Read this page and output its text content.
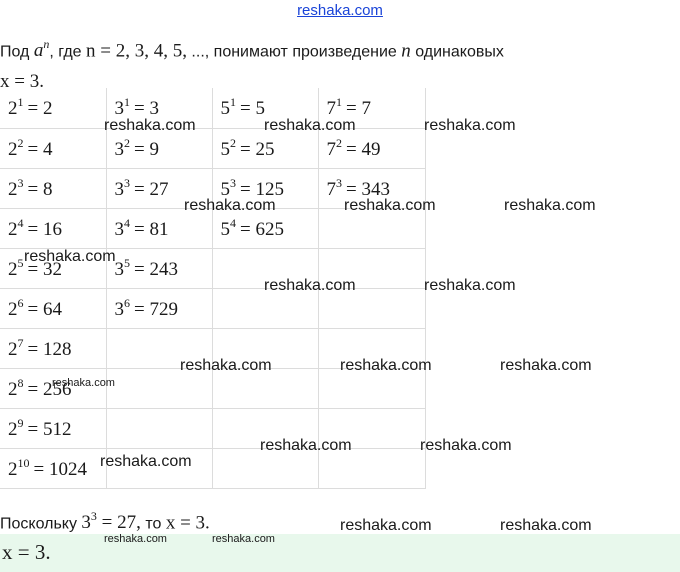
reshaka.com
Под $a^n$, где n = 2, 3, 4, 5, ..., понимают произведение n одинаковых
x = 3.
$2^1 = 2$	$3^1 = 3$	$5^1 = 5$	$7^1 = 7$
$2^2 = 4$	$3^2 = 9$	$5^2 = 25$	$7^2 = 49$
$2^3 = 8$	$3^3 = 27$	$5^3 = 125$	$7^3 = 343$
$2^4 = 16$	$3^4 = 81$	$5^4 = 625$	
$2^5 = 32$	$3^5 = 243$		
$2^6 = 64$	$3^6 = 729$		
$2^7 = 128$			
$2^8 = 256$			
$2^9 = 512$			
$2^{10} = 1024$			
Поскольку $3^3 = 27$, то x = 3.
x = 3.
reshaka.com	reshaka.com	reshaka.com
reshaka.com	reshaka.com	reshaka.com
reshaka.com
reshaka.com	reshaka.com
reshaka.com	reshaka.com	reshaka.com
reshaka.com
reshaka.com	reshaka.com
reshaka.com
reshaka.com	reshaka.com
reshaka.com	reshaka.com
